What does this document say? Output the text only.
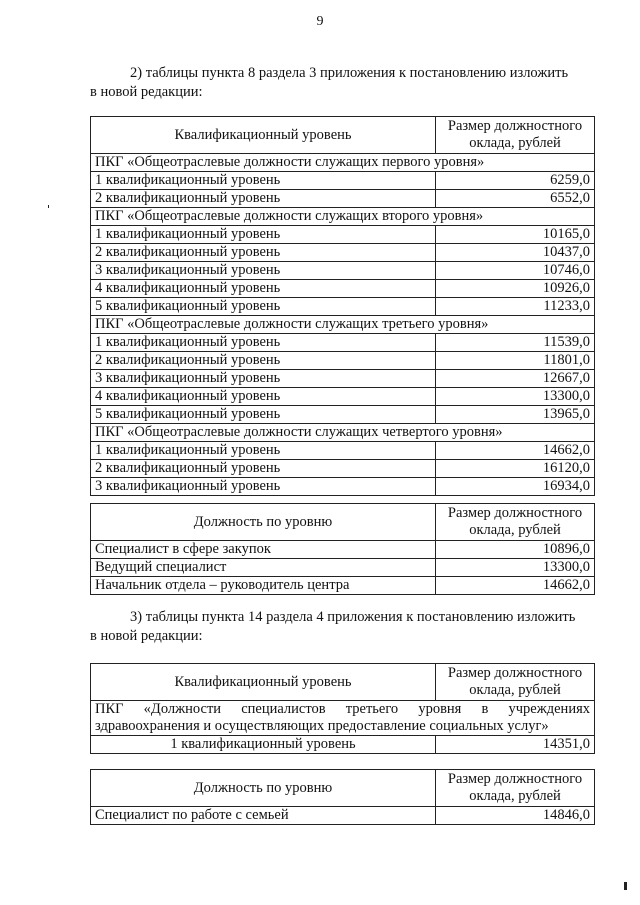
9
2) таблицы пункта 8 раздела 3 приложения к постановлению изложить
в новой редакции:
Квалификационный уровень	Размер должностного
оклада, рублей
ПКГ «Общеотраслевые должности служащих первого уровня»	
1 квалификационный уровень	6259,0
2 квалификационный уровень	6552,0
ПКГ «Общеотраслевые должности служащих второго уровня»	
1 квалификационный уровень	10165,0
2 квалификационный уровень	10437,0
3 квалификационный уровень	10746,0
4 квалификационный уровень	10926,0
5 квалификационный уровень	11233,0
ПКГ «Общеотраслевые должности служащих третьего уровня»	
1 квалификационный уровень	11539,0
2 квалификационный уровень	11801,0
3 квалификационный уровень	12667,0
4 квалификационный уровень	13300,0
5 квалификационный уровень	13965,0
ПКГ «Общеотраслевые должности служащих четвертого уровня»	
1 квалификационный уровень	14662,0
2 квалификационный уровень	16120,0
3 квалификационный уровень	16934,0
Должность по уровню	Размер должностного
оклада, рублей
Специалист в сфере закупок	10896,0
Ведущий специалист	13300,0
Начальник отдела – руководитель центра	14662,0
3) таблицы пункта 14 раздела 4 приложения к постановлению изложить
в новой редакции:
Квалификационный уровень	Размер должностного
оклада, рублей

ПКГ «Должности специалистов третьего уровня в учреждениях
здравоохранения и осуществляющих предоставление социальных услуг»	

1 квалификационный уровень	14351,0
Должность по уровню	Размер должностного
оклада, рублей
Специалист по работе с семьей	14846,0
